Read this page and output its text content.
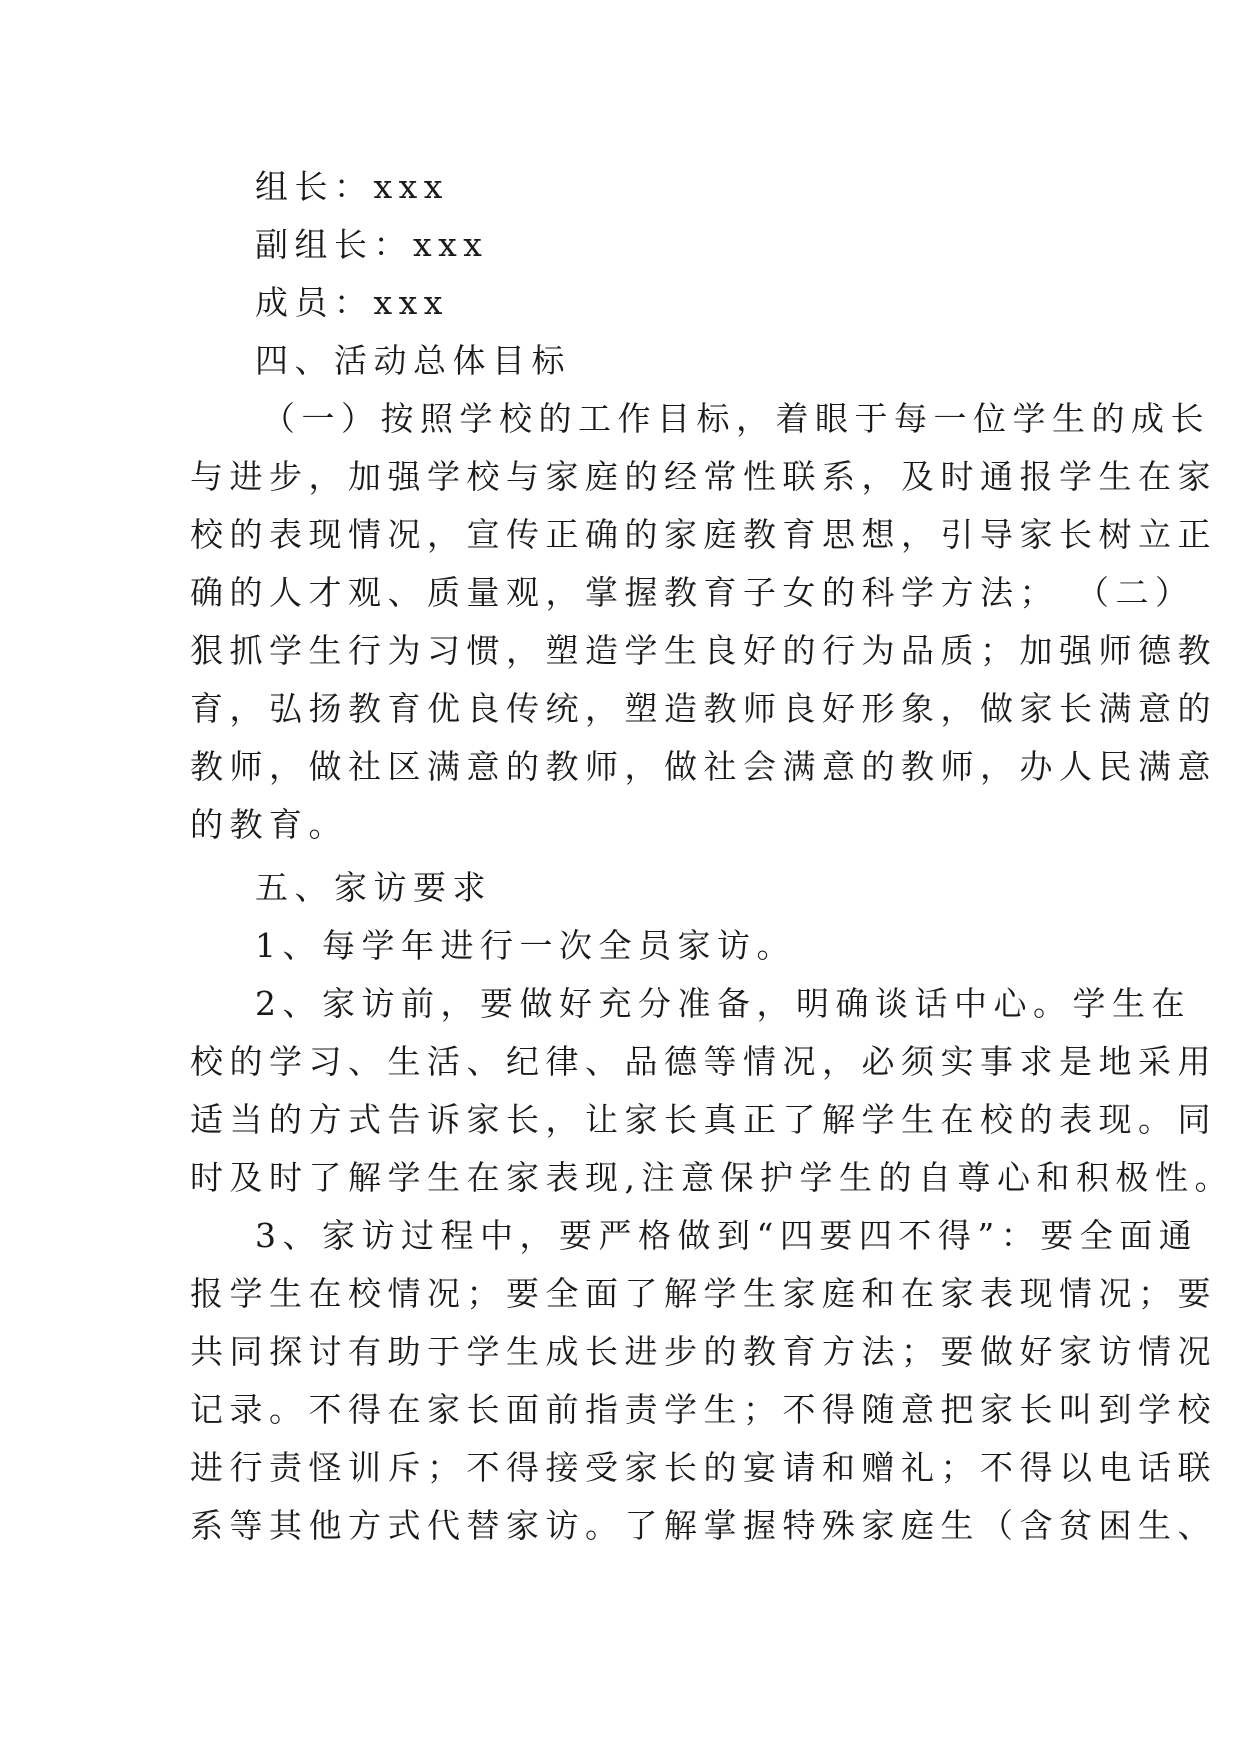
组长：xxx
副组长：xxx
成员：xxx
四、活动总体目标
（一）按照学校的工作目标，着眼于每一位学生的成长
与进步，加强学校与家庭的经常性联系，及时通报学生在家
校的表现情况，宣传正确的家庭教育思想，引导家长树立正
确的人才观、质量观，掌握教育子女的科学方法； （二）
狠抓学生行为习惯，塑造学生良好的行为品质；加强师德教
育，弘扬教育优良传统，塑造教师良好形象，做家长满意的
教师，做社区满意的教师，做社会满意的教师，办人民满意
的教育。
五、家访要求
1、每学年进行一次全员家访。
2、家访前，要做好充分准备，明确谈话中心。学生在
校的学习、生活、纪律、品德等情况，必须实事求是地采用
适当的方式告诉家长，让家长真正了解学生在校的表现。同
时及时了解学生在家表现,注意保护学生的自尊心和积极性。
3、家访过程中，要严格做到“四要四不得”：要全面通
报学生在校情况；要全面了解学生家庭和在家表现情况；要
共同探讨有助于学生成长进步的教育方法；要做好家访情况
记录。不得在家长面前指责学生；不得随意把家长叫到学校
进行责怪训斥；不得接受家长的宴请和赠礼；不得以电话联
系等其他方式代替家访。了解掌握特殊家庭生（含贫困生、
